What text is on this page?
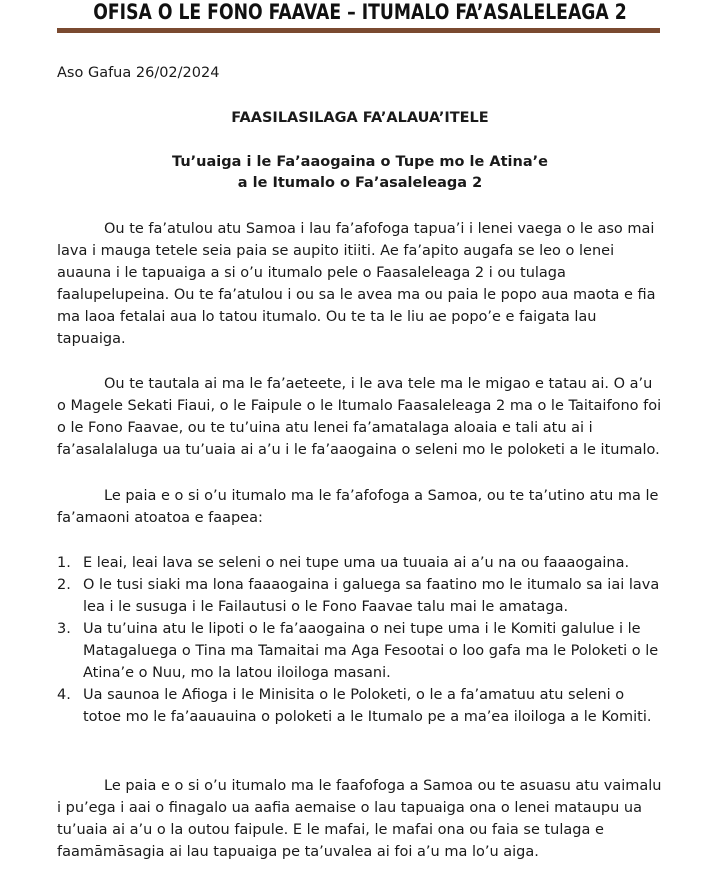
OFISA O LE FONO FAAVAE – ITUMALO FA’ASALELEAGA 2
Aso Gafua 26/02/2024
FAASILASILAGA FA’ALAUA’ITELE
Tu’uaiga i le Fa’aaogaina o Tupe mo le Atina’e
a le Itumalo o Fa’asaleleaga 2

Ou te fa’atulou atu Samoa i lau fa’afofoga tapua’i i lenei vaega o le aso mai lava i mauga tetele seia paia se aupito itiiti. Ae fa’apito augafa se leo o lenei auauna i le tapuaiga a si o’u itumalo pele o Faasaleleaga 2 i ou tulaga faalupelupeina. Ou te fa’atulou i ou sa le avea ma ou paia le popo aua maota e fia ma laoa fetalai aua lo tatou itumalo. Ou te ta le liu ae popo’e e faigata lau tapuaiga.

Ou te tautala ai ma le fa’aeteete, i le ava tele ma le migao e tatau ai. O a’u o Magele Sekati Fiaui, o le Faipule o le Itumalo Faasaleleaga 2 ma o le Taitaifono foi o le Fono Faavae, ou te tu’uina atu lenei fa’amatalaga aloaia e tali atu ai i fa’asalalaluga ua tu’uaia ai a’u i le fa’aaogaina o seleni mo le poloketi a le itumalo.

Le paia e o si o’u itumalo ma le fa’afofoga a Samoa, ou te ta’utino atu ma le fa’amaoni atoatoa e faapea:

1. E leai, leai lava se seleni o nei tupe uma ua tuuaia ai a’u na ou faaaogaina.
2. O le tusi siaki ma lona faaaogaina i galuega sa faatino mo le itumalo sa iai lava lea i le susuga i le Failautusi o le Fono Faavae talu mai le amataga.
3. Ua tu’uina atu le lipoti o le fa’aaogaina o nei tupe uma i le Komiti galulue i le Matagaluega o Tina ma Tamaitai ma Aga Fesootai o loo gafa ma le Poloketi o le Atina’e o Nuu, mo la latou iloiloga masani.
4. Ua saunoa le Afioga i le Minisita o le Poloketi, o le a fa’amatuu atu seleni o totoe mo le fa’aauauina o poloketi a le Itumalo pe a ma’ea iloiloga a le Komiti.

Le paia e o si o’u itumalo ma le faafofoga a Samoa ou te asuasu atu vaimalu i pu’ega i aai o finagalo ua aafia aemaise o lau tapuaiga ona o lenei mataupu ua tu’uaia ai a’u o la outou faipule. E le mafai, le mafai ona ou faia se tulaga e faamāmāsagia ai lau tapuaiga pe ta’uvalea ai foi a’u ma lo’u aiga.
